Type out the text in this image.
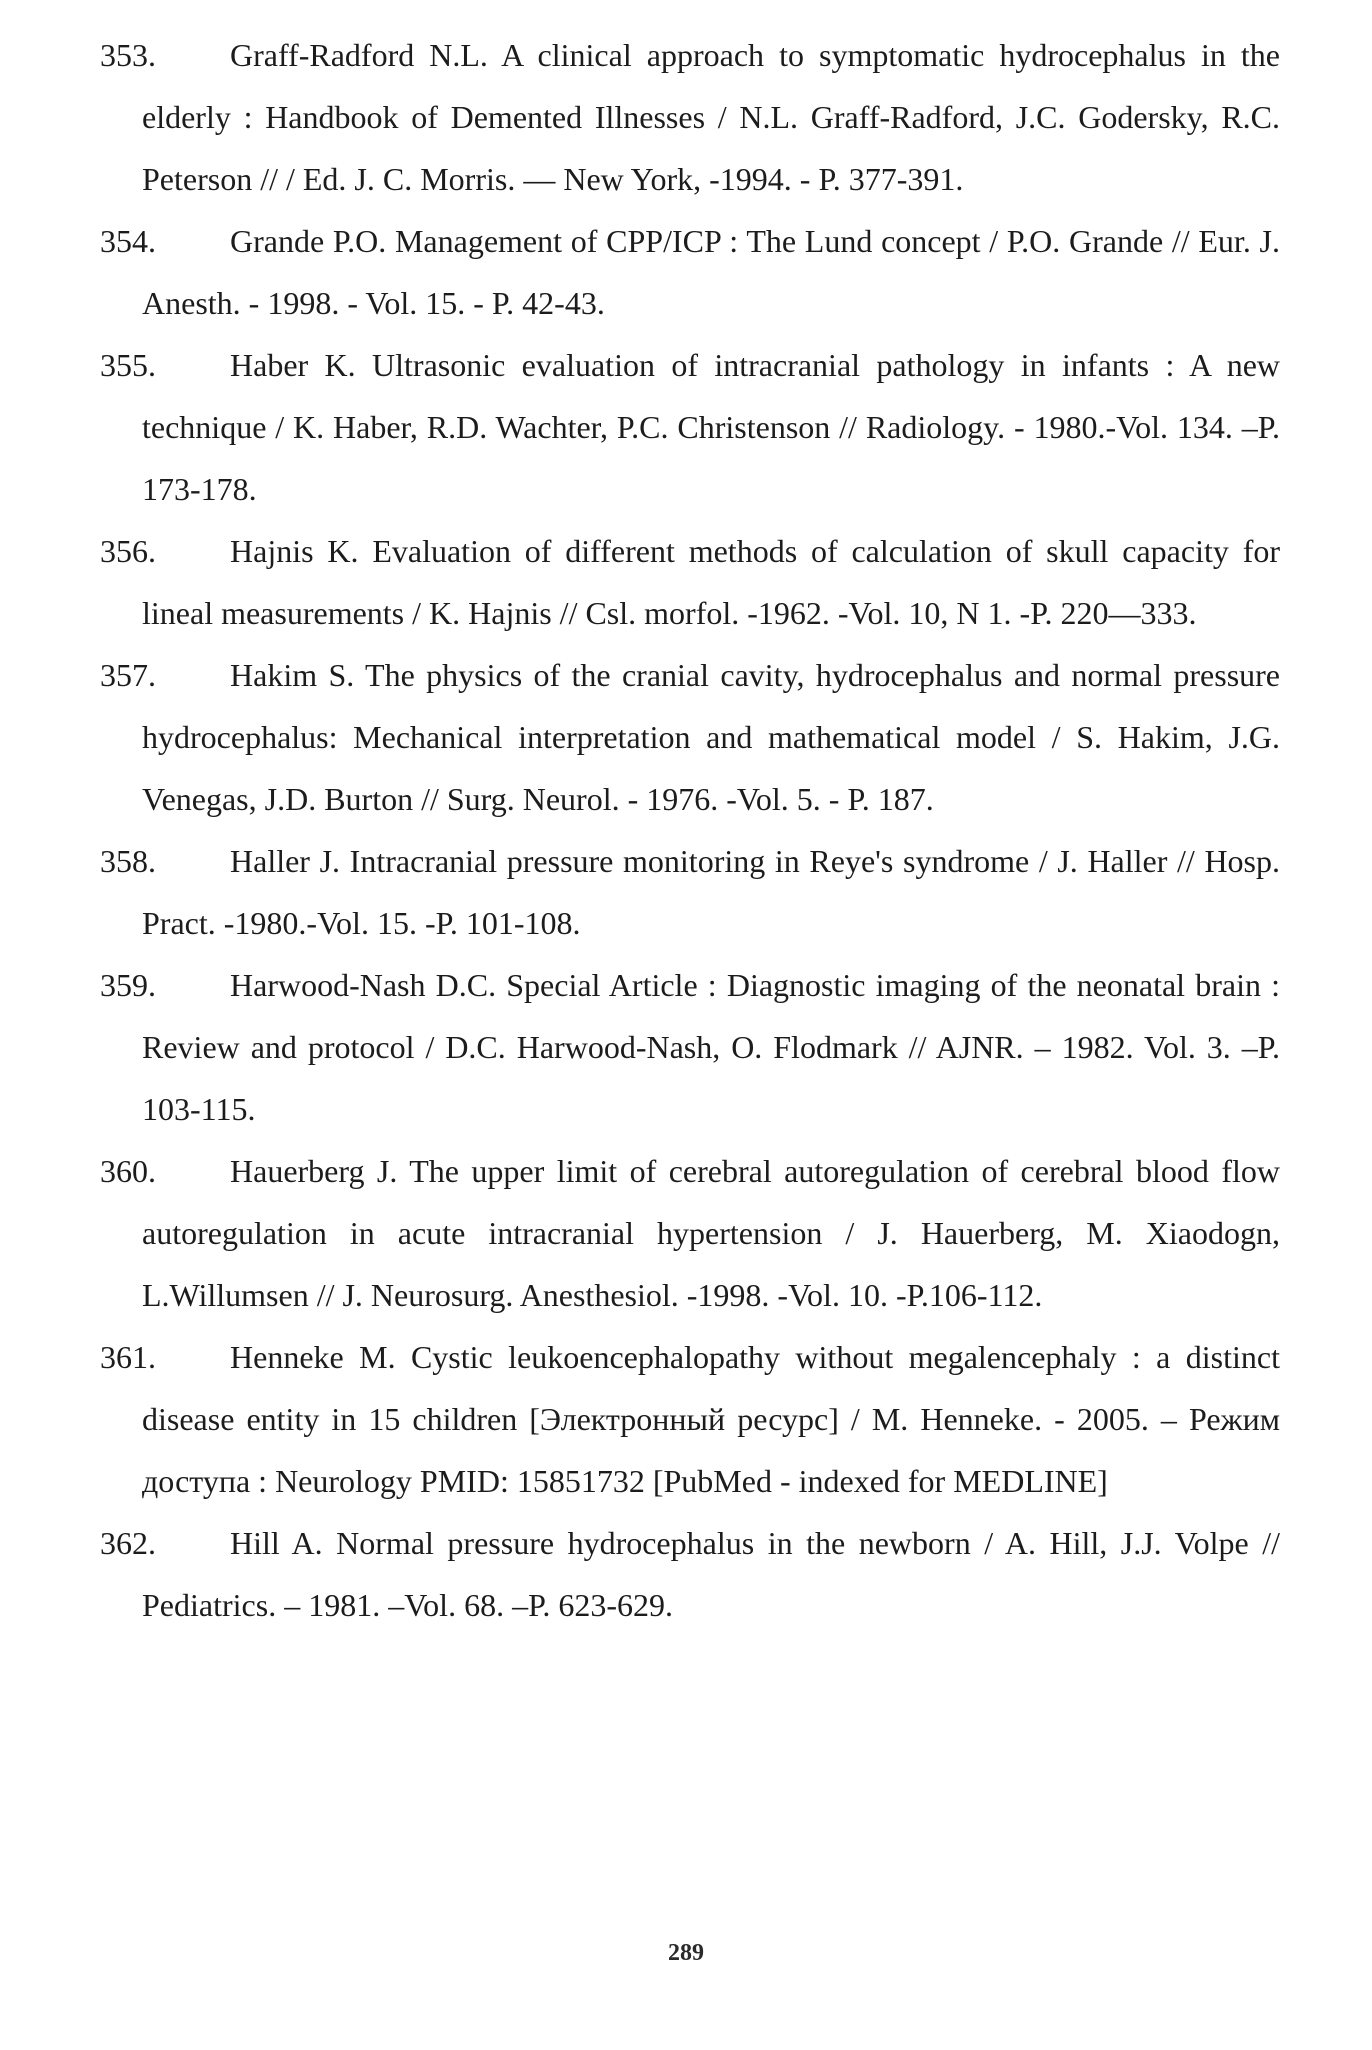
353. Graff-Radford N.L. A clinical approach to symptomatic hydrocephalus in the elderly : Handbook of Demented Illnesses / N.L. Graff-Radford, J.C. Godersky, R.C. Peterson // / Ed. J. C. Morris. — New York, -1994. - P. 377-391.
354. Grande P.O. Management of CPP/ICP : The Lund concept / P.O. Grande // Eur. J. Anesth. - 1998. - Vol. 15. - P. 42-43.
355. Haber K. Ultrasonic evaluation of intracranial pathology in infants : A new technique / K. Haber, R.D. Wachter, P.C. Christenson // Radiology. - 1980.-Vol. 134. –P. 173-178.
356. Hajnis K. Evaluation of different methods of calculation of skull capacity for lineal measurements / K. Hajnis // Csl. morfol. -1962. -Vol. 10, N 1. -P. 220—333.
357. Hakim S. The physics of the cranial cavity, hydrocephalus and normal pressure hydrocephalus: Mechanical interpretation and mathematical model / S. Hakim, J.G. Venegas, J.D. Burton // Surg. Neurol. - 1976. -Vol. 5. - P. 187.
358. Haller J. Intracranial pressure monitoring in Reye's syndrome / J. Haller // Hosp. Pract. -1980.-Vol. 15. -P. 101-108.
359. Harwood-Nash D.C. Special Article : Diagnostic imaging of the neonatal brain : Review and protocol / D.C. Harwood-Nash, O. Flodmark // AJNR. – 1982. Vol. 3. –P. 103-115.
360. Hauerberg J. The upper limit of cerebral autoregulation of cerebral blood flow autoregulation in acute intracranial hypertension / J. Hauerberg, M. Xiaodogn, L.Willumsen // J. Neurosurg. Anesthesiol. -1998. -Vol. 10. -P.106-112.
361. Henneke M. Cystic leukoencephalopathy without megalencephaly : a distinct disease entity in 15 children [Электронный ресурс] / M. Henneke. - 2005. – Режим доступа : Neurology PMID: 15851732 [PubMed - indexed for MEDLINE]
362. Hill A. Normal pressure hydrocephalus in the newborn / A. Hill, J.J. Volpe // Pediatrics. – 1981. –Vol. 68. –P. 623-629.
289
